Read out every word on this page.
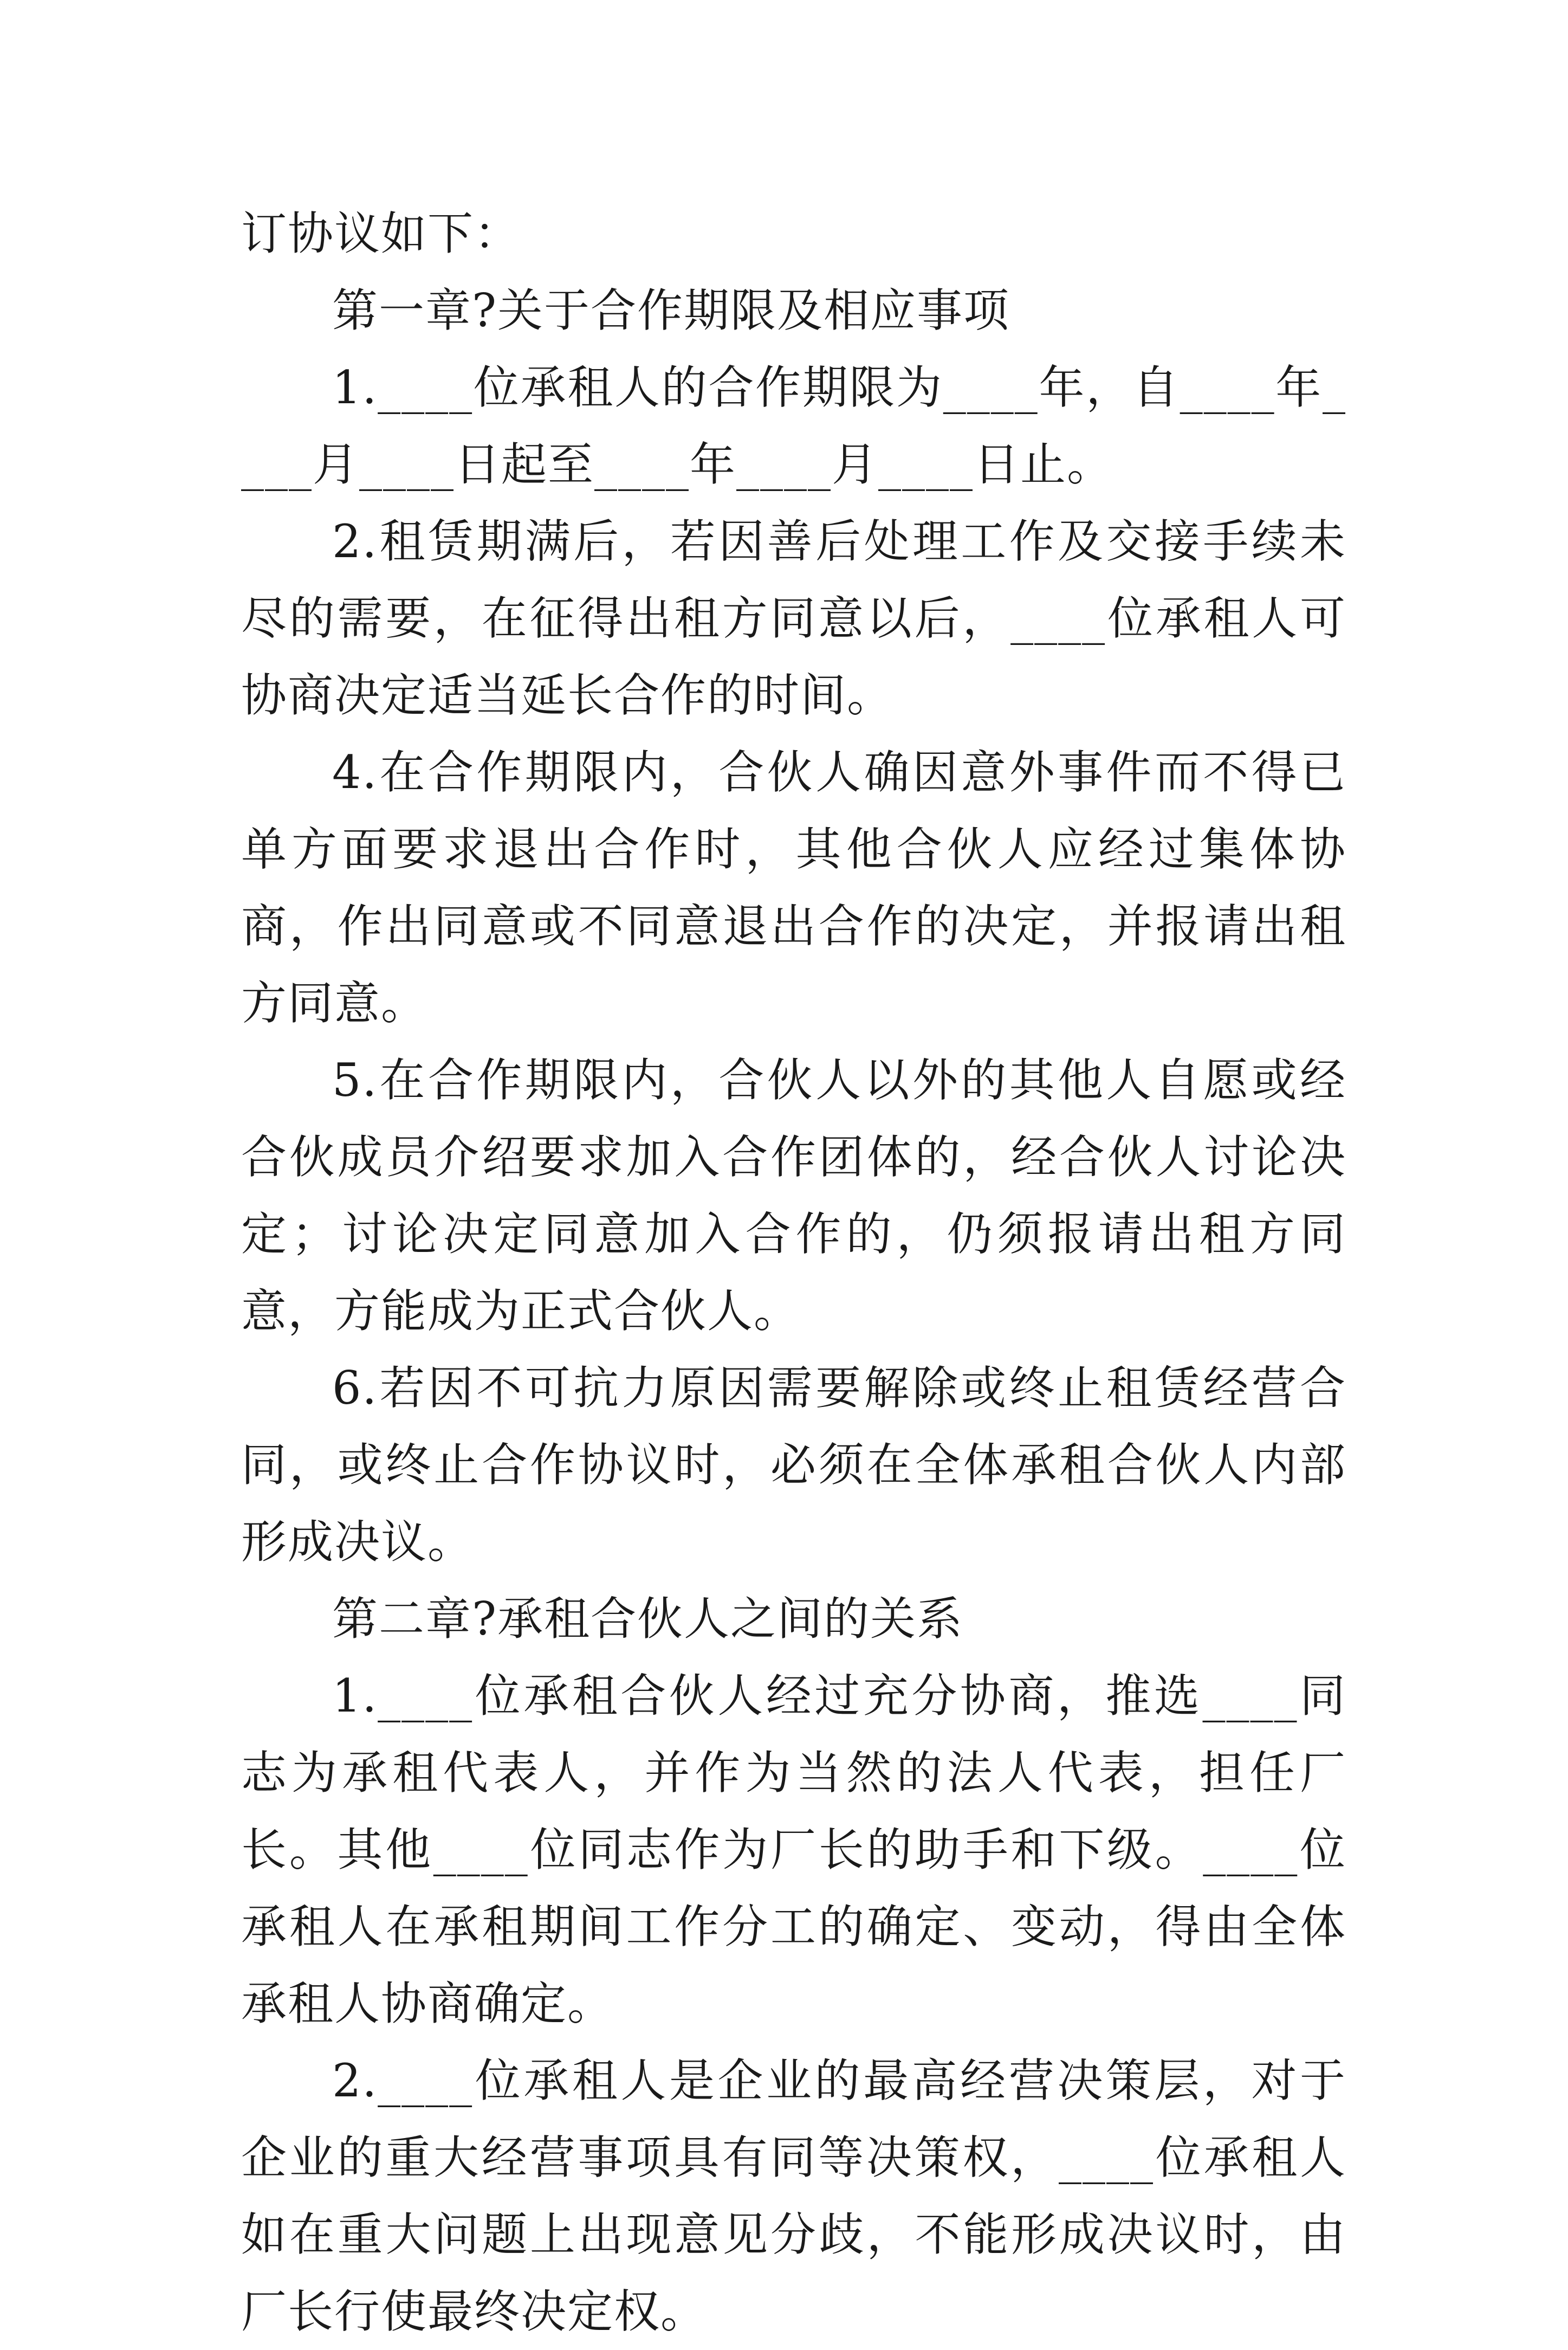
订协议如下：

第一章?关于合作期限及相应事项

1.____位承租人的合作期限为____年，自____年____月____日起至____年____月____日止。

2.租赁期满后，若因善后处理工作及交接手续未尽的需要，在征得出租方同意以后，____位承租人可协商决定适当延长合作的时间。

4.在合作期限内，合伙人确因意外事件而不得已单方面要求退出合作时，其他合伙人应经过集体协商，作出同意或不同意退出合作的决定，并报请出租方同意。

5.在合作期限内，合伙人以外的其他人自愿或经合伙成员介绍要求加入合作团体的，经合伙人讨论决定；讨论决定同意加入合作的，仍须报请出租方同意，方能成为正式合伙人。

6.若因不可抗力原因需要解除或终止租赁经营合同，或终止合作协议时，必须在全体承租合伙人内部形成决议。

第二章?承租合伙人之间的关系

1.____位承租合伙人经过充分协商，推选____同志为承租代表人，并作为当然的法人代表，担任厂长。其他____位同志作为厂长的助手和下级。____位承租人在承租期间工作分工的确定、变动，得由全体承租人协商确定。

2.____位承租人是企业的最高经营决策层，对于企业的重大经营事项具有同等决策权，____位承租人如在重大问题上出现意见分歧，不能形成决议时，由厂长行使最终决定权。
